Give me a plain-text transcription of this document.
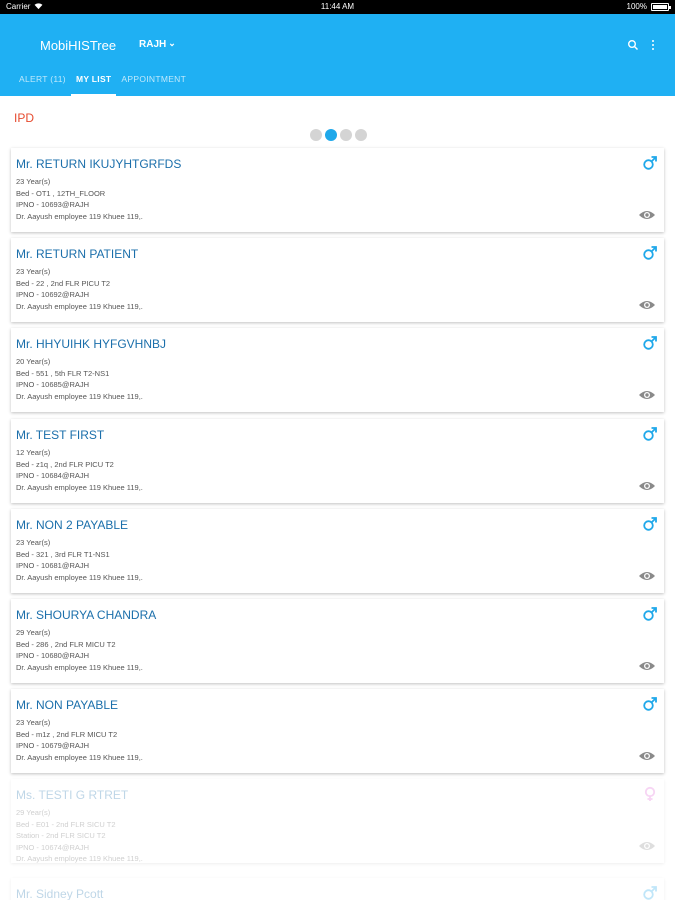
Carrier	11:44 AM	100%
MobiHISTree RAJH ⌄
ALERT (11)	MY LIST	APPOINTMENT
IPD
Mr. RETURN IKUJYHTGRFDS
23 Year(s)
Bed - OT1 , 12TH_FLOOR
IPNO - 10693@RAJH
Dr. Aayush employee 119 Khuee 119,.
Mr. RETURN PATIENT
23 Year(s)
Bed - 22 , 2nd FLR PICU T2
IPNO - 10692@RAJH
Dr. Aayush employee 119 Khuee 119,.
Mr. HHYUIHK HYFGVHNBJ
20 Year(s)
Bed - 551 , 5th FLR T2-NS1
IPNO - 10685@RAJH
Dr. Aayush employee 119 Khuee 119,.
Mr. TEST FIRST
12 Year(s)
Bed - z1q , 2nd FLR PICU T2
IPNO - 10684@RAJH
Dr. Aayush employee 119 Khuee 119,.
Mr. NON 2 PAYABLE
23 Year(s)
Bed - 321 , 3rd FLR T1-NS1
IPNO - 10681@RAJH
Dr. Aayush employee 119 Khuee 119,.
Mr. SHOURYA CHANDRA
29 Year(s)
Bed - 286 , 2nd FLR MICU T2
IPNO - 10680@RAJH
Dr. Aayush employee 119 Khuee 119,.
Mr. NON PAYABLE
23 Year(s)
Bed - m1z , 2nd FLR MICU T2
IPNO - 10679@RAJH
Dr. Aayush employee 119 Khuee 119,.
Ms. TESTI G RTRET
29 Year(s)
Bed - E01 - 2nd FLR SICU T2
Station - 2nd FLR SICU T2
IPNO - 10674@RAJH
Dr. Aayush employee 119 Khuee 119,.
Mr. Sidney Pcott
